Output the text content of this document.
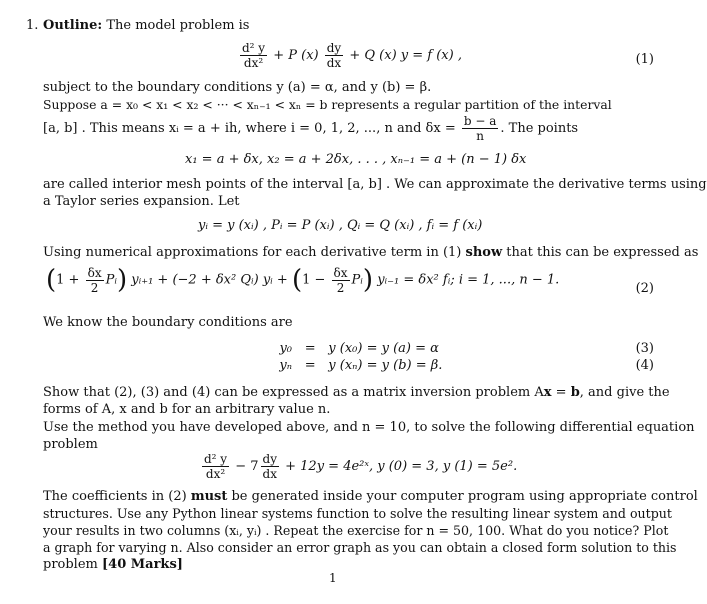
1. Outline: The model problem is
$\frac{\text{d² y}}{\text{dx²}} + P$ $(x) \frac{dy}{dx} + Q$ (x) y = f (x) ,	(1)
subject to the boundary conditions y (a) = α, and y (b) = β.
Suppose a = x₀ < x₁ < x₂ < ··· < xₙ₋₁ < xₙ = b represents a regular partition of the interval
[a, b] . This means xᵢ = a + ih, where i = 0, 1, 2, ..., n and $\delta x = \frac{b - a}{n}$ . The points
x₁ = a + δx, x₂ = a + 2δx, . . . , xₙ₋₁ = a + (n − 1) δx
are called interior mesh points of the interval [a, b] . We can approximate the derivative terms using
a Taylor series expansion. Let
yᵢ = y (xᵢ) , Pᵢ = P (xᵢ) , Qᵢ = Q (xᵢ) , fᵢ = f (xᵢ)
Using numerical approximations for each derivative term in (1) show that this can be expressed as
($1 + \frac{\delta x}{2}$ Pᵢ) yᵢ₊₁ + (−2 + δx² Qᵢ) yᵢ + ($1 - \frac{\delta x}{2}$ Pᵢ) yᵢ₋₁ = δx² fᵢ; i = 1, ..., n − 1.
(2)
We know the boundary conditions are
y₀ = y (x₀) = y (a) = α	(3)
yₙ = y (xₙ) = y (b) = β.	(4)
Show that (2), (3) and (4) can be expressed as a matrix inversion problem Ax = b, and give the
forms of A, x and b for an arbitrary value n.
Use the method you have developed above, and n = 10, to solve the following differential equation
problem
$\frac{\text{d² y}}{\text{dx²}} - 7 \frac{dy}{dx} + 12y$ = 4e²ˣ, y (0) = 3, y (1) = 5e².
The coefficients in (2) must be generated inside your computer program using appropriate control
structures. Use any Python linear systems function to solve the resulting linear system and output
your results in two columns (xᵢ, yᵢ) . Repeat the exercise for n = 50, 100. What do you notice? Plot
a graph for varying n. Also consider an error graph as you can obtain a closed form solution to this
problem [40 Marks]
1
